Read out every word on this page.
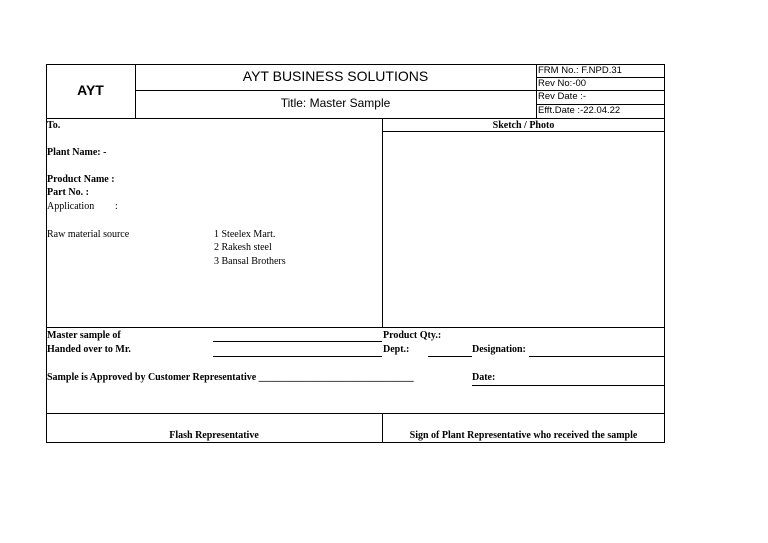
AYT
AYT BUSINESS SOLUTIONS
Title: Master Sample
FRM No.: F.NPD.31
Rev No:-00
Rev Date :-
Efft.Date :-22.04.22
To.
Plant Name: -
Product Name :
Part No. :
Application :
Raw material source	1 Steelex Mart.
2 Rakesh steel
3 Bansal Brothers
Sketch / Photo
Master sample of
Handed over to Mr.
Product Qty.:
Dept.:	Designation:
Sample is Approved by Customer Representative _______________________________	Date:
Flash Representative	Sign of Plant Representative who received the sample
